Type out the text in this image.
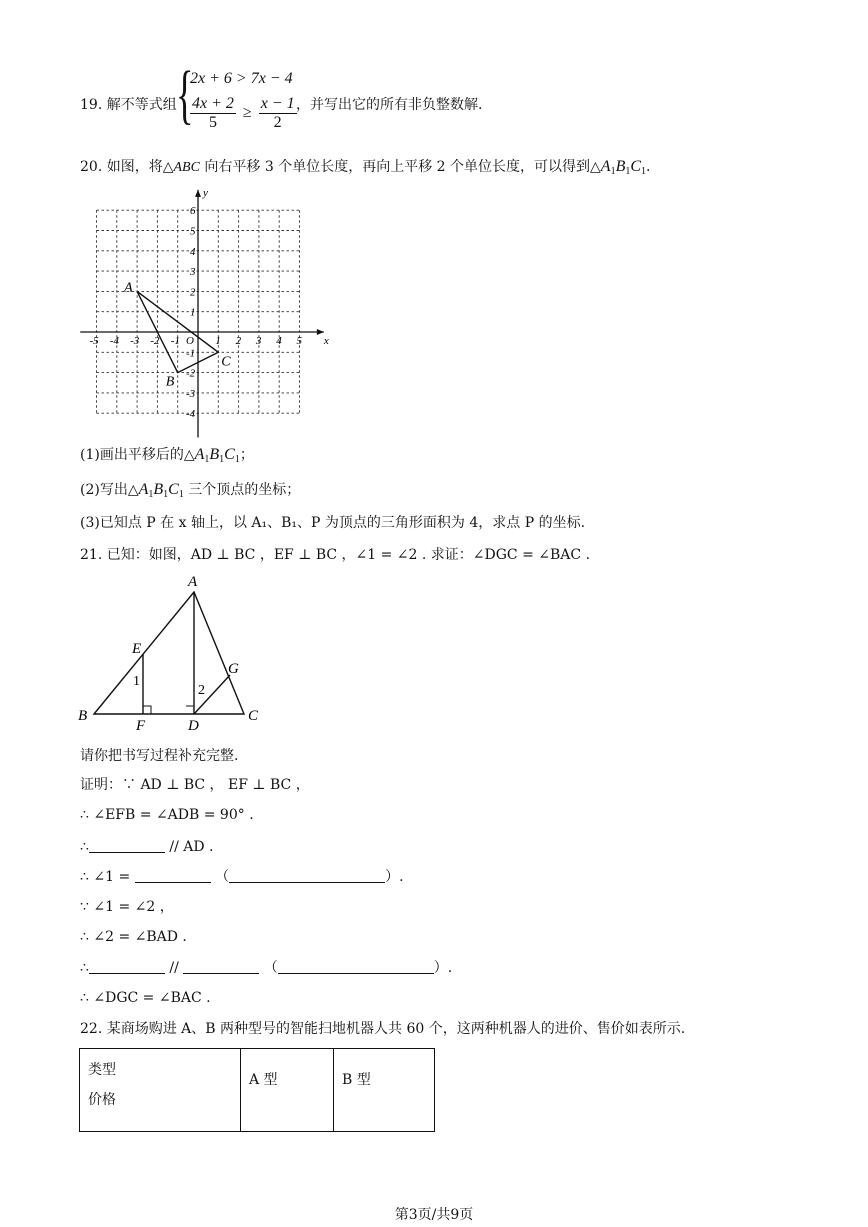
19. 解不等式组 {
2x + 6 > 7x − 4
$\frac{4x + 2}{5} \ge \frac{x - 1}{2}$ ，并写出它的所有非负整数解.
20. 如图，将△ABC 向右平移 3 个单位长度，再向上平移 2 个单位长度，可以得到$\triangle A_1B_1C_1$.
-5 -4 -3 -2 -1	1 2 3 4 5
6
5
4
3
2
1
-1
-2
-3
-4
O	x
y
A
B
C
(1)画出平移后的$\triangle A_1B_1C_1$；
(2)写出$\triangle A_1B_1C_1$ 三个顶点的坐标；
(3)已知点 P 在 x 轴上，以 A₁、B₁、P 为顶点的三角形面积为 4，求点 P 的坐标.
21. 已知：如图，AD ⊥ BC ，EF ⊥ BC ，∠1 = ∠2 . 求证：∠DGC = ∠BAC .
A
B	C
D
E
F
G
1
2
请你把书写过程补充完整.
证明：∵ AD ⊥ BC ， EF ⊥ BC ，
∴ ∠EFB = ∠ADB = 90° .
∴	// AD .
∴ ∠1 =	（	）.
∵ ∠1 = ∠2 ，
∴ ∠2 = ∠BAD .
∴	//	（	）.
∴ ∠DGC = ∠BAC .
22. 某商场购进 A、B 两种型号的智能扫地机器人共 60 个，这两种机器人的进价、售价如表所示.
类型
价格
	A 型	B 型
第3页/共9页
